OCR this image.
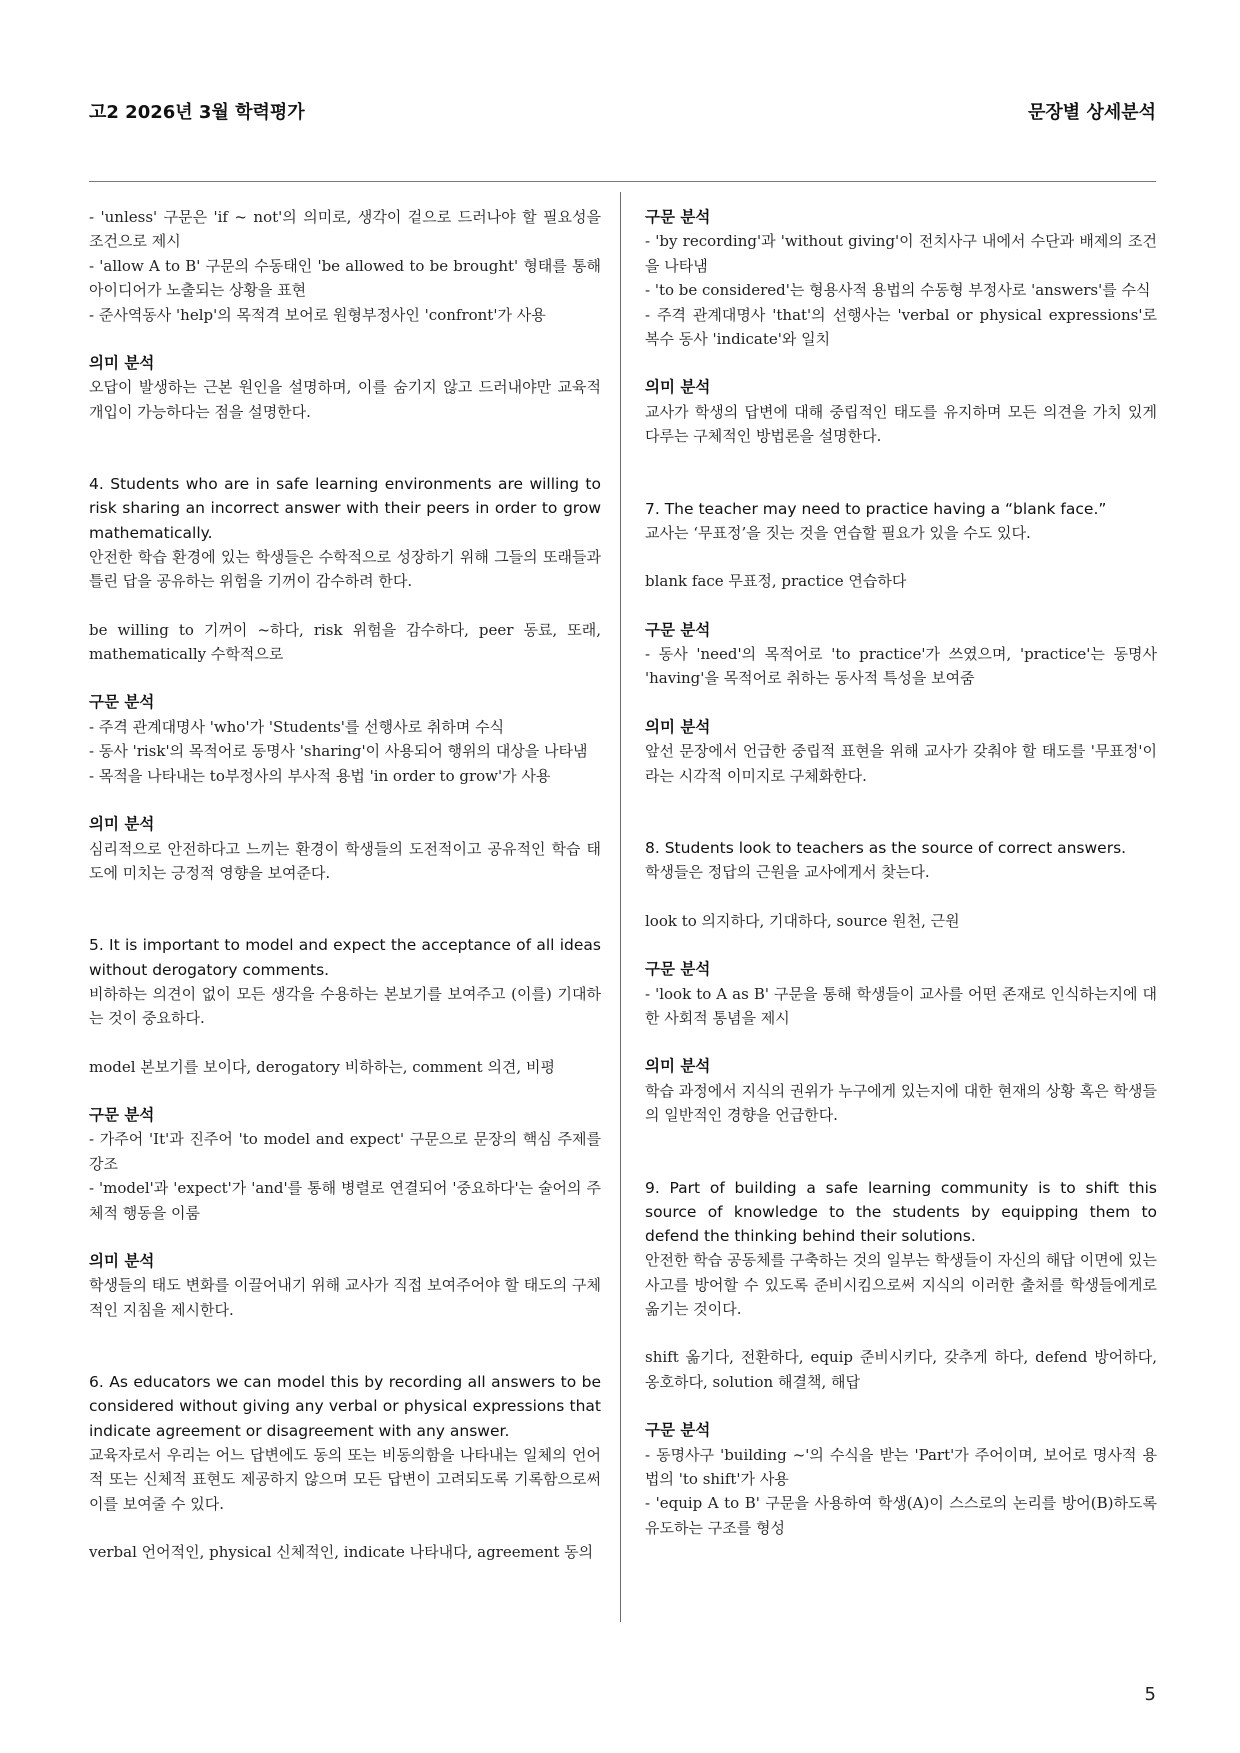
고2 2026년 3월 학력평가	문장별 상세분석

- 'unless' 구문은 'if ~ not'의 의미로, 생각이 겉으로 드러나야 할 필요성을 조건으로 제시

- 'allow A to B' 구문의 수동태인 'be allowed to be brought' 형태를 통해 아이디어가 노출되는 상황을 표현

- 준사역동사 'help'의 목적격 보어로 원형부정사인 'confront'가 사용

의미 분석

오답이 발생하는 근본 원인을 설명하며, 이를 숨기지 않고 드러내야만 교육적 개입이 가능하다는 점을 설명한다.

4. Students who are in safe learning environments are willing to risk sharing an incorrect answer with their peers in order to grow mathematically.

안전한 학습 환경에 있는 학생들은 수학적으로 성장하기 위해 그들의 또래들과 틀린 답을 공유하는 위험을 기꺼이 감수하려 한다.

be willing to 기꺼이 ~하다, risk 위험을 감수하다, peer 동료, 또래, mathematically 수학적으로

구문 분석

- 주격 관계대명사 'who'가 'Students'를 선행사로 취하며 수식

- 동사 'risk'의 목적어로 동명사 'sharing'이 사용되어 행위의 대상을 나타냄

- 목적을 나타내는 to부정사의 부사적 용법 'in order to grow'가 사용

의미 분석

심리적으로 안전하다고 느끼는 환경이 학생들의 도전적이고 공유적인 학습 태도에 미치는 긍정적 영향을 보여준다.

5. It is important to model and expect the acceptance of all ideas without derogatory comments.

비하하는 의견이 없이 모든 생각을 수용하는 본보기를 보여주고 (이를) 기대하는 것이 중요하다.

model 본보기를 보이다, derogatory 비하하는, comment 의견, 비평

구문 분석

- 가주어 'It'과 진주어 'to model and expect' 구문으로 문장의 핵심 주제를 강조

- 'model'과 'expect'가 'and'를 통해 병렬로 연결되어 '중요하다'는 술어의 주체적 행동을 이룸

의미 분석

학생들의 태도 변화를 이끌어내기 위해 교사가 직접 보여주어야 할 태도의 구체적인 지침을 제시한다.

6. As educators we can model this by recording all answers to be considered without giving any verbal or physical expressions that indicate agreement or disagreement with any answer.

교육자로서 우리는 어느 답변에도 동의 또는 비동의함을 나타내는 일체의 언어적 또는 신체적 표현도 제공하지 않으며 모든 답변이 고려되도록 기록함으로써 이를 보여줄 수 있다.

verbal 언어적인, physical 신체적인, indicate 나타내다, agreement 동의

구문 분석

- 'by recording'과 'without giving'이 전치사구 내에서 수단과 배제의 조건을 나타냄

- 'to be considered'는 형용사적 용법의 수동형 부정사로 'answers'를 수식

- 주격 관계대명사 'that'의 선행사는 'verbal or physical expressions'로 복수 동사 'indicate'와 일치

의미 분석

교사가 학생의 답변에 대해 중립적인 태도를 유지하며 모든 의견을 가치 있게 다루는 구체적인 방법론을 설명한다.

7. The teacher may need to practice having a “blank face.”

교사는 ‘무표정’을 짓는 것을 연습할 필요가 있을 수도 있다.

blank face 무표정, practice 연습하다

구문 분석

- 동사 'need'의 목적어로 'to practice'가 쓰였으며, 'practice'는 동명사 'having'을 목적어로 취하는 동사적 특성을 보여줌

의미 분석

앞선 문장에서 언급한 중립적 표현을 위해 교사가 갖춰야 할 태도를 '무표정'이라는 시각적 이미지로 구체화한다.

8. Students look to teachers as the source of correct answers.

학생들은 정답의 근원을 교사에게서 찾는다.

look to 의지하다, 기대하다, source 원천, 근원

구문 분석

- 'look to A as B' 구문을 통해 학생들이 교사를 어떤 존재로 인식하는지에 대한 사회적 통념을 제시

의미 분석

학습 과정에서 지식의 권위가 누구에게 있는지에 대한 현재의 상황 혹은 학생들의 일반적인 경향을 언급한다.

9. Part of building a safe learning community is to shift this source of knowledge to the students by equipping them to defend the thinking behind their solutions.

안전한 학습 공동체를 구축하는 것의 일부는 학생들이 자신의 해답 이면에 있는 사고를 방어할 수 있도록 준비시킴으로써 지식의 이러한 출처를 학생들에게로 옮기는 것이다.

shift 옮기다, 전환하다, equip 준비시키다, 갖추게 하다, defend 방어하다, 옹호하다, solution 해결책, 해답

구문 분석

- 동명사구 'building ~'의 수식을 받는 'Part'가 주어이며, 보어로 명사적 용법의 'to shift'가 사용

- 'equip A to B' 구문을 사용하여 학생(A)이 스스로의 논리를 방어(B)하도록 유도하는 구조를 형성

5
